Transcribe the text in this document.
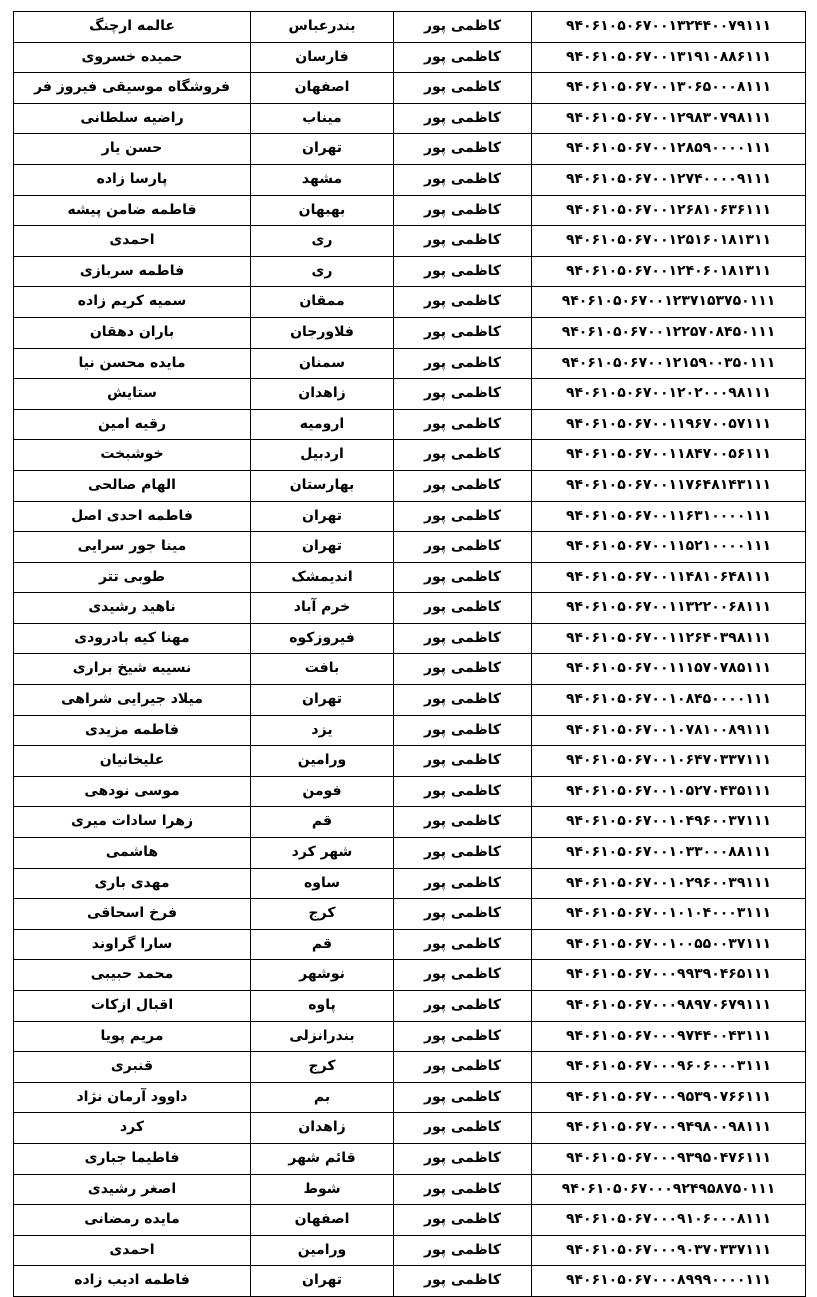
عالمه ارچنگ	بندرعباس	کاظمی پور	۹۴۰۶۱۰۵۰۶۷۰۰۱۳۲۴۴۰۰۷۹۱۱۱
حمیده خسروی	فارسان	کاظمی پور	۹۴۰۶۱۰۵۰۶۷۰۰۱۳۱۹۱۰۸۸۶۱۱۱
فروشگاه موسیقی فیروز فر	اصفهان	کاظمی پور	۹۴۰۶۱۰۵۰۶۷۰۰۱۳۰۶۵۰۰۰۸۱۱۱
راضیه سلطانی	میناب	کاظمی پور	۹۴۰۶۱۰۵۰۶۷۰۰۱۲۹۸۳۰۷۹۸۱۱۱
حسن یار	تهران	کاظمی پور	۹۴۰۶۱۰۵۰۶۷۰۰۱۲۸۵۹۰۰۰۰۱۱۱
پارسا زاده	مشهد	کاظمی پور	۹۴۰۶۱۰۵۰۶۷۰۰۱۲۷۴۰۰۰۰۹۱۱۱
فاطمه ضامن پیشه	بهبهان	کاظمی پور	۹۴۰۶۱۰۵۰۶۷۰۰۱۲۶۸۱۰۶۳۶۱۱۱
احمدی	ری	کاظمی پور	۹۴۰۶۱۰۵۰۶۷۰۰۱۲۵۱۶۰۱۸۱۳۱۱
فاطمه سربازی	ری	کاظمی پور	۹۴۰۶۱۰۵۰۶۷۰۰۱۲۴۰۶۰۱۸۱۳۱۱
سمیه کریم زاده	ممقان	کاظمی پور	۹۴۰۶۱۰۵۰۶۷۰۰۱۲۳۷۱۵۳۷۵۰۱۱۱
باران دهقان	فلاورجان	کاظمی پور	۹۴۰۶۱۰۵۰۶۷۰۰۱۲۲۵۷۰۸۴۵۰۱۱۱
مایده محسن نیا	سمنان	کاظمی پور	۹۴۰۶۱۰۵۰۶۷۰۰۱۲۱۵۹۰۰۳۵۰۱۱۱
ستایش	زاهدان	کاظمی پور	۹۴۰۶۱۰۵۰۶۷۰۰۱۲۰۲۰۰۰۹۸۱۱۱
رقیه امین	ارومیه	کاظمی پور	۹۴۰۶۱۰۵۰۶۷۰۰۱۱۹۶۷۰۰۵۷۱۱۱
خوشبخت	اردبیل	کاظمی پور	۹۴۰۶۱۰۵۰۶۷۰۰۱۱۸۴۷۰۰۵۶۱۱۱
الهام صالحی	بهارستان	کاظمی پور	۹۴۰۶۱۰۵۰۶۷۰۰۱۱۷۶۴۸۱۴۳۱۱۱
فاطمه احدی اصل	تهران	کاظمی پور	۹۴۰۶۱۰۵۰۶۷۰۰۱۱۶۳۱۰۰۰۰۱۱۱
مینا جور سرایی	تهران	کاظمی پور	۹۴۰۶۱۰۵۰۶۷۰۰۱۱۵۲۱۰۰۰۰۱۱۱
طوبی تتر	اندیمشک	کاظمی پور	۹۴۰۶۱۰۵۰۶۷۰۰۱۱۴۸۱۰۶۴۸۱۱۱
ناهید رشیدی	خرم آباد	کاظمی پور	۹۴۰۶۱۰۵۰۶۷۰۰۱۱۳۲۲۰۰۶۸۱۱۱
مهنا کیه بادرودی	فیروزکوه	کاظمی پور	۹۴۰۶۱۰۵۰۶۷۰۰۱۱۲۶۴۰۳۹۸۱۱۱
نسیبه شیخ براری	بافت	کاظمی پور	۹۴۰۶۱۰۵۰۶۷۰۰۱۱۱۵۷۰۷۸۵۱۱۱
میلاد جیرایی شراهی	تهران	کاظمی پور	۹۴۰۶۱۰۵۰۶۷۰۰۱۰۸۴۵۰۰۰۰۱۱۱
فاطمه مزیدی	یزد	کاظمی پور	۹۴۰۶۱۰۵۰۶۷۰۰۱۰۷۸۱۰۰۸۹۱۱۱
علیخانیان	ورامین	کاظمی پور	۹۴۰۶۱۰۵۰۶۷۰۰۱۰۶۴۷۰۳۳۷۱۱۱
موسی نودهی	فومن	کاظمی پور	۹۴۰۶۱۰۵۰۶۷۰۰۱۰۵۲۷۰۴۳۵۱۱۱
زهرا سادات میری	قم	کاظمی پور	۹۴۰۶۱۰۵۰۶۷۰۰۱۰۴۹۶۰۰۳۷۱۱۱
هاشمی	شهر کرد	کاظمی پور	۹۴۰۶۱۰۵۰۶۷۰۰۱۰۳۳۰۰۰۸۸۱۱۱
مهدی باری	ساوه	کاظمی پور	۹۴۰۶۱۰۵۰۶۷۰۰۱۰۲۹۶۰۰۳۹۱۱۱
فرخ اسحاقی	کرج	کاظمی پور	۹۴۰۶۱۰۵۰۶۷۰۰۱۰۱۰۴۰۰۰۳۱۱۱
سارا گراوند	قم	کاظمی پور	۹۴۰۶۱۰۵۰۶۷۰۰۱۰۰۵۵۰۰۳۷۱۱۱
محمد حبیبی	نوشهر	کاظمی پور	۹۴۰۶۱۰۵۰۶۷۰۰۰۹۹۳۹۰۴۶۵۱۱۱
اقبال ازکات	پاوه	کاظمی پور	۹۴۰۶۱۰۵۰۶۷۰۰۰۹۸۹۷۰۶۷۹۱۱۱
مریم پویا	بندرانزلی	کاظمی پور	۹۴۰۶۱۰۵۰۶۷۰۰۰۹۷۴۴۰۰۴۳۱۱۱
قنبری	کرج	کاظمی پور	۹۴۰۶۱۰۵۰۶۷۰۰۰۹۶۰۶۰۰۰۳۱۱۱
داوود آرمان نژاد	بم	کاظمی پور	۹۴۰۶۱۰۵۰۶۷۰۰۰۹۵۳۹۰۷۶۶۱۱۱
کرد	زاهدان	کاظمی پور	۹۴۰۶۱۰۵۰۶۷۰۰۰۹۴۹۸۰۰۹۸۱۱۱
فاطیما جباری	قائم شهر	کاظمی پور	۹۴۰۶۱۰۵۰۶۷۰۰۰۹۳۹۵۰۴۷۶۱۱۱
اصغر رشیدی	شوط	کاظمی پور	۹۴۰۶۱۰۵۰۶۷۰۰۰۹۲۴۹۵۸۷۵۰۱۱۱
مایده رمضانی	اصفهان	کاظمی پور	۹۴۰۶۱۰۵۰۶۷۰۰۰۹۱۰۶۰۰۰۸۱۱۱
احمدی	ورامین	کاظمی پور	۹۴۰۶۱۰۵۰۶۷۰۰۰۹۰۳۷۰۳۳۷۱۱۱
فاطمه ادیب زاده	تهران	کاظمی پور	۹۴۰۶۱۰۵۰۶۷۰۰۰۸۹۹۹۰۰۰۰۱۱۱
